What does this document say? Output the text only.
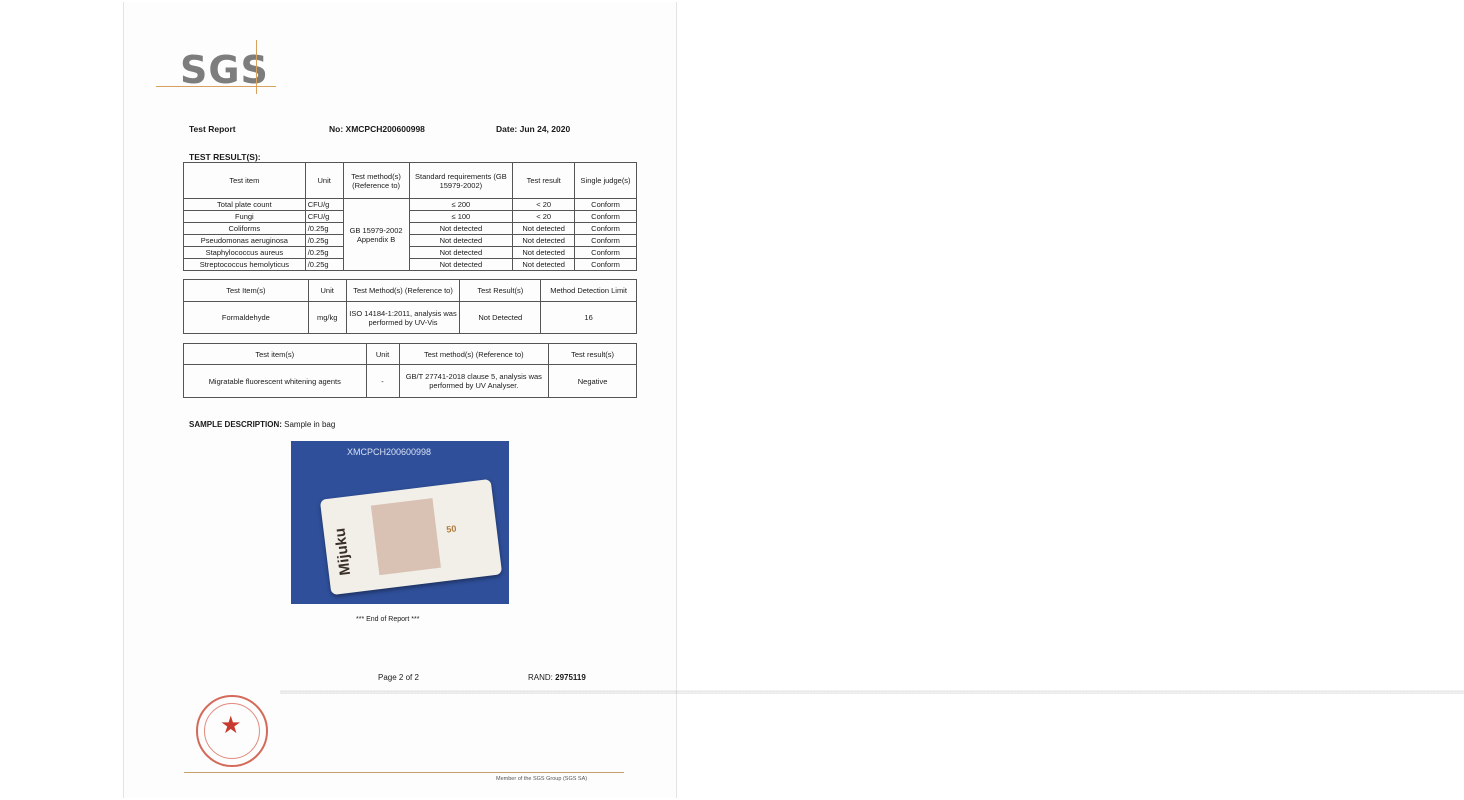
SGS
Test Report	No: XMCPCH200600998	Date: Jun 24, 2020
TEST RESULT(S):
Test item	Unit	Test method(s) (Reference to)	Standard requirements (GB 15979-2002)	Test result	Single judge(s)
Total plate count	CFU/g	GB 15979-2002 Appendix B	≤ 200	< 20	Conform
Fungi	CFU/g		≤ 100	< 20	Conform
Coliforms	/0.25g		Not detected	Not detected	Conform
Pseudomonas aeruginosa	/0.25g		Not detected	Not detected	Conform
Staphylococcus aureus	/0.25g		Not detected	Not detected	Conform
Streptococcus hemolyticus	/0.25g		Not detected	Not detected	Conform
Test Item(s)	Unit	Test Method(s) (Reference to)	Test Result(s)	Method Detection Limit
Formaldehyde	mg/kg	ISO 14184-1:2011, analysis was performed by UV-Vis	Not Detected	16
Test item(s)	Unit	Test method(s) (Reference to)	Test result(s)
Migratable fluorescent whitening agents	-	GB/T 27741-2018 clause 5, analysis was performed by UV Analyser.	Negative
SAMPLE DESCRIPTION: Sample in bag
XMCPCH200600998
Mijuku	50
*** End of Report ***
Page 2 of 2	RAND: 2975119
★
░░░░░░░░░░░░░░░░░░░░░░░░░░░░░░░░░░░░░░░░░░░░░░░░░░░░░░░░░░░░░░░░░░░░░░░░░░░░░░░░░░░░░░░░░░░░░░░░░░░░░░░░░░░░░░░░░░░░░░░░░░░░░░░░░░░░░░░░░░░░░░░░░░░░░░░░░░░░░░░░░░░░░░░░░░░░░░░░░░░░░░░░░░░░░░░░░░░░░░░░░░░░░░░░░░░░░░░░░░░░░░░░░░░░░░░░░░░░░░░░░░░░░░░░░░░░░░░░░░░░░░░░░░░░░░░░░░░░░░░░░░░░░░░░░░░░░░░░░░░░░░░░░░░░░░░░░░░░░░░░░░░░░░░░░░░░░░░░░░░░░░░░░░░░░░░░░░░░░░░░░░░░░░░░░░░░░░░░░░░░░░░░░░░░░░░░░░░░░░░░░░░░░░░░░░░░░░░░░░░░░░░░░░░░░░░░░░░░░░░░░░░░░░░░░░░░░░░░░░░░░░░░░░░░░░░░░░░░░░░░░░░░░░░░░░░░░░░░░░░░░░░░░░░░░░░░░░░░░░░░░░░░░░░░░░░░░░░░░░░░░░░░░░░░░░░░░░░░░
Member of the SGS Group (SGS SA)
